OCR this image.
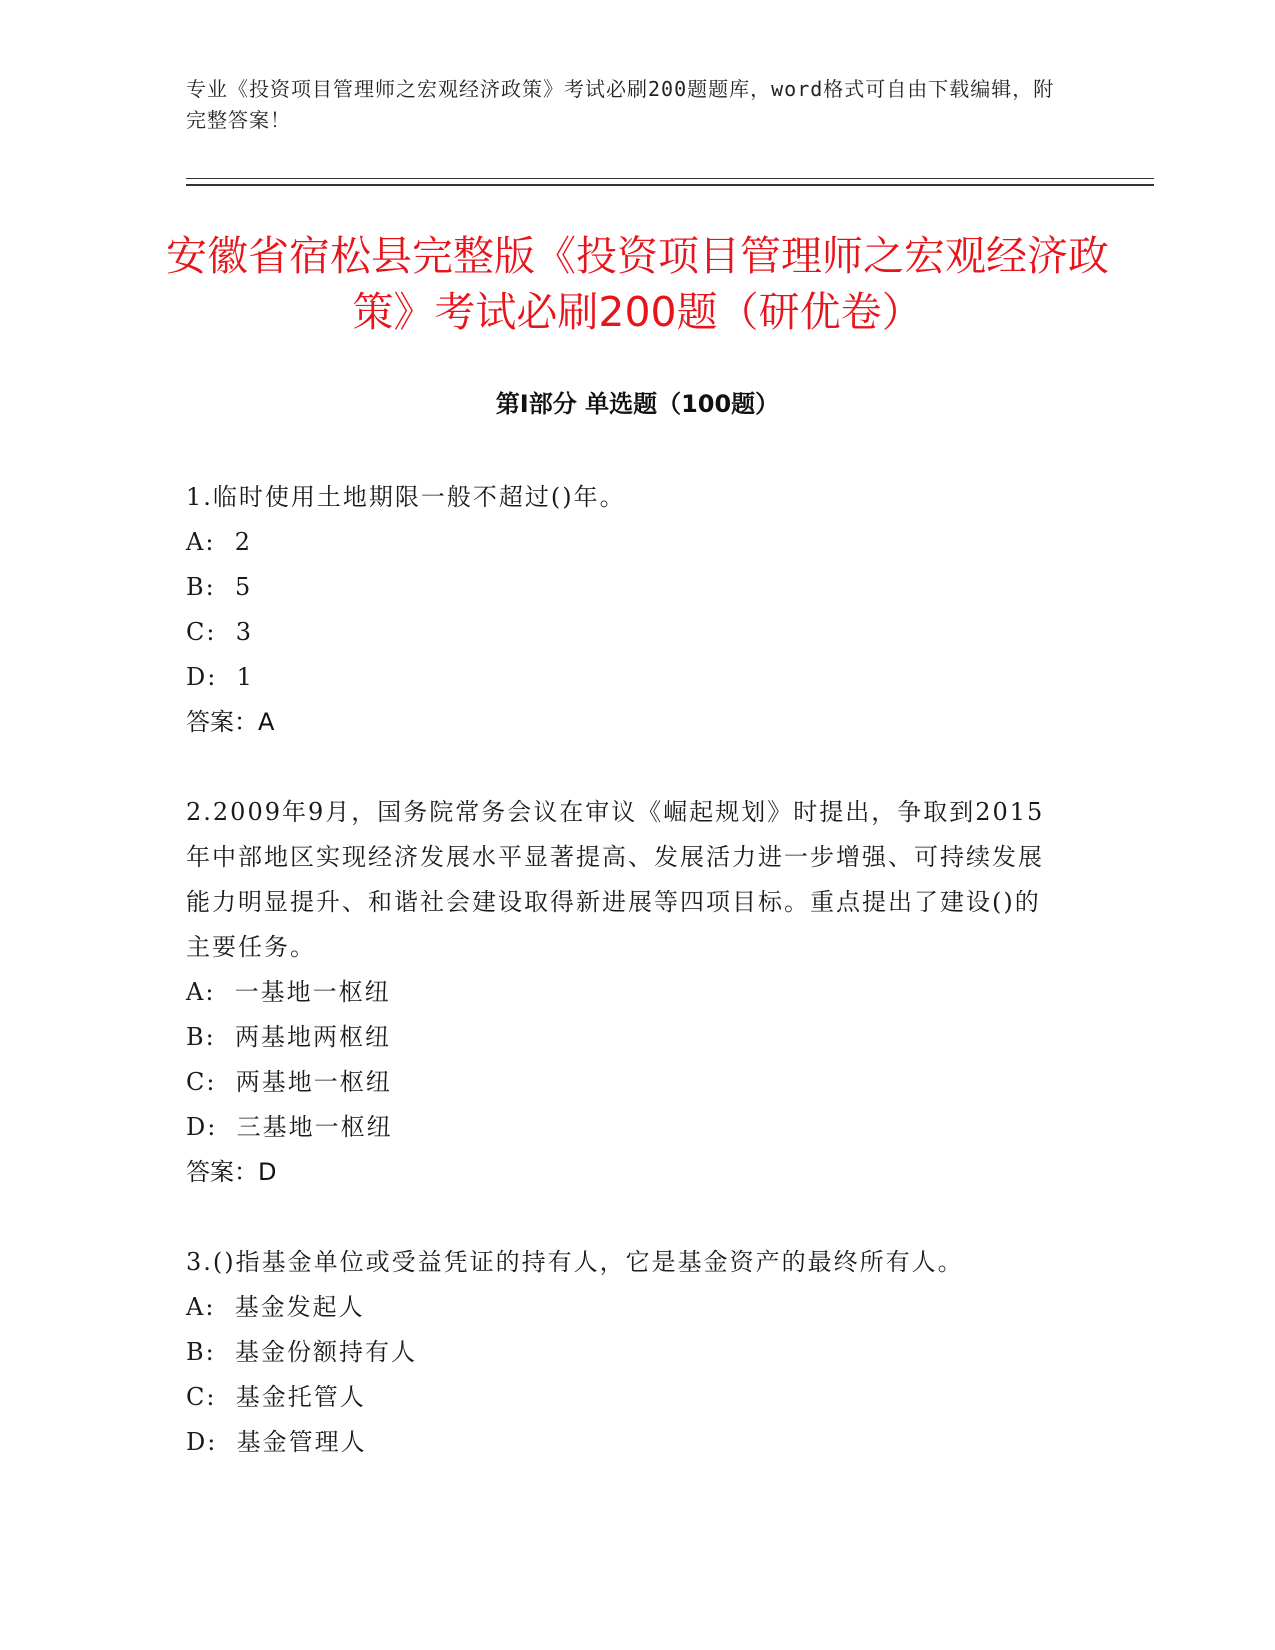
专业《投资项目管理师之宏观经济政策》考试必刷200题题库，word格式可自由下载编辑，附完整答案！
安徽省宿松县完整版《投资项目管理师之宏观经济政策》考试必刷200题（研优卷）
第Ⅰ部分 单选题（100题）

1.临时使用土地期限一般不超过()年。

A:  2

B:  5

C:  3

D:  1

答案：A

2.2009年9月，国务院常务会议在审议《崛起规划》时提出，争取到2015年中部地区实现经济发展水平显著提高、发展活力进一步增强、可持续发展能力明显提升、和谐社会建设取得新进展等四项目标。重点提出了建设()的主要任务。

A:  一基地一枢纽

B:  两基地两枢纽

C:  两基地一枢纽

D:  三基地一枢纽

答案：D

3.()指基金单位或受益凭证的持有人，它是基金资产的最终所有人。

A:  基金发起人

B:  基金份额持有人

C:  基金托管人

D:  基金管理人
